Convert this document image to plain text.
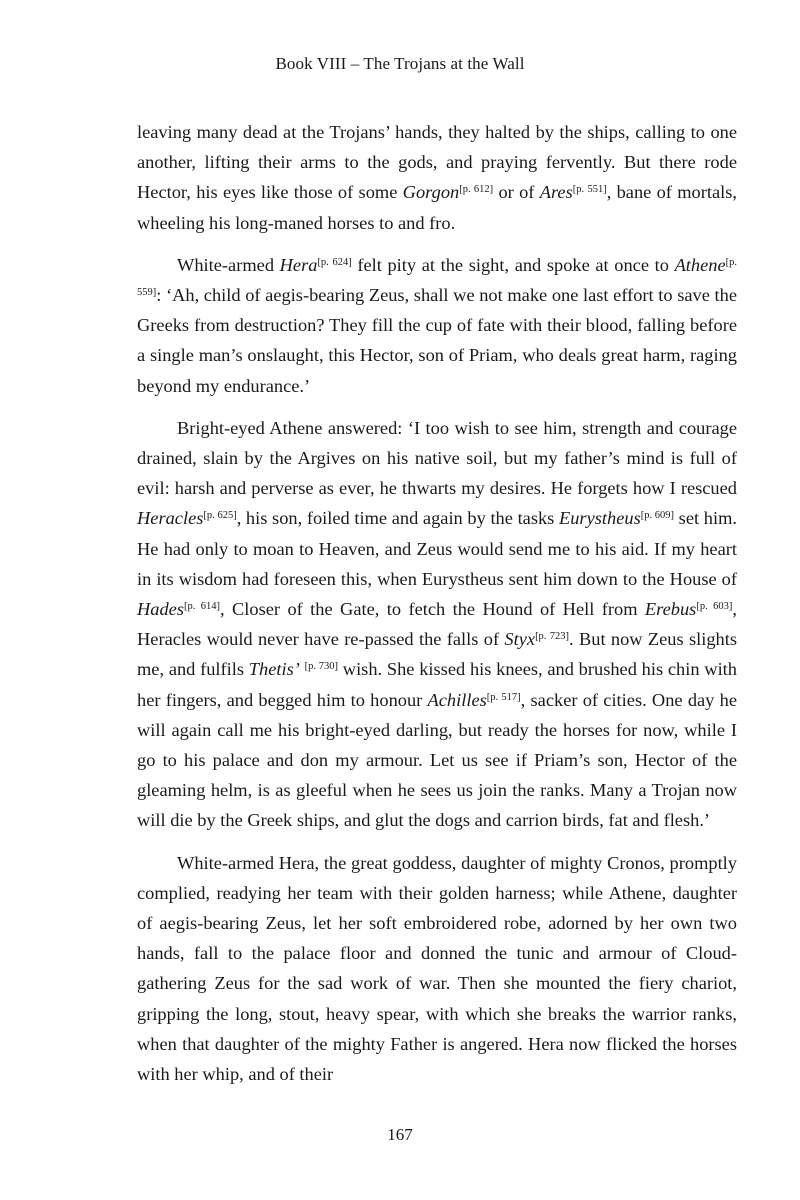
Book VIII – The Trojans at the Wall

leaving many dead at the Trojans’ hands, they halted by the ships, calling to one another, lifting their arms to the gods, and praying fervently. But there rode Hector, his eyes like those of some Gorgon[p. 612] or of Ares[p. 551], bane of mortals, wheeling his long-maned horses to and fro.

White-armed Hera[p. 624] felt pity at the sight, and spoke at once to Athene[p. 559]: ‘Ah, child of aegis-bearing Zeus, shall we not make one last effort to save the Greeks from destruction? They fill the cup of fate with their blood, falling before a single man’s onslaught, this Hector, son of Priam, who deals great harm, raging beyond my endurance.’

Bright-eyed Athene answered: ‘I too wish to see him, strength and courage drained, slain by the Argives on his native soil, but my father’s mind is full of evil: harsh and perverse as ever, he thwarts my desires. He forgets how I rescued Heracles[p. 625], his son, foiled time and again by the tasks Eurystheus[p. 609] set him. He had only to moan to Heaven, and Zeus would send me to his aid. If my heart in its wisdom had foreseen this, when Eurystheus sent him down to the House of Hades[p. 614], Closer of the Gate, to fetch the Hound of Hell from Erebus[p. 603], Heracles would never have re-passed the falls of Styx[p. 723]. But now Zeus slights me, and fulfils Thetis’ [p. 730] wish. She kissed his knees, and brushed his chin with her fingers, and begged him to honour Achilles[p. 517], sacker of cities. One day he will again call me his bright-eyed darling, but ready the horses for now, while I go to his palace and don my armour. Let us see if Priam’s son, Hector of the gleaming helm, is as gleeful when he sees us join the ranks. Many a Trojan now will die by the Greek ships, and glut the dogs and carrion birds, fat and flesh.’

White-armed Hera, the great goddess, daughter of mighty Cronos, promptly complied, readying her team with their golden harness; while Athene, daughter of aegis-bearing Zeus, let her soft embroidered robe, adorned by her own two hands, fall to the palace floor and donned the tunic and armour of Cloud-gathering Zeus for the sad work of war. Then she mounted the fiery chariot, gripping the long, stout, heavy spear, with which she breaks the warrior ranks, when that daughter of the mighty Father is angered. Hera now flicked the horses with her whip, and of their

167
